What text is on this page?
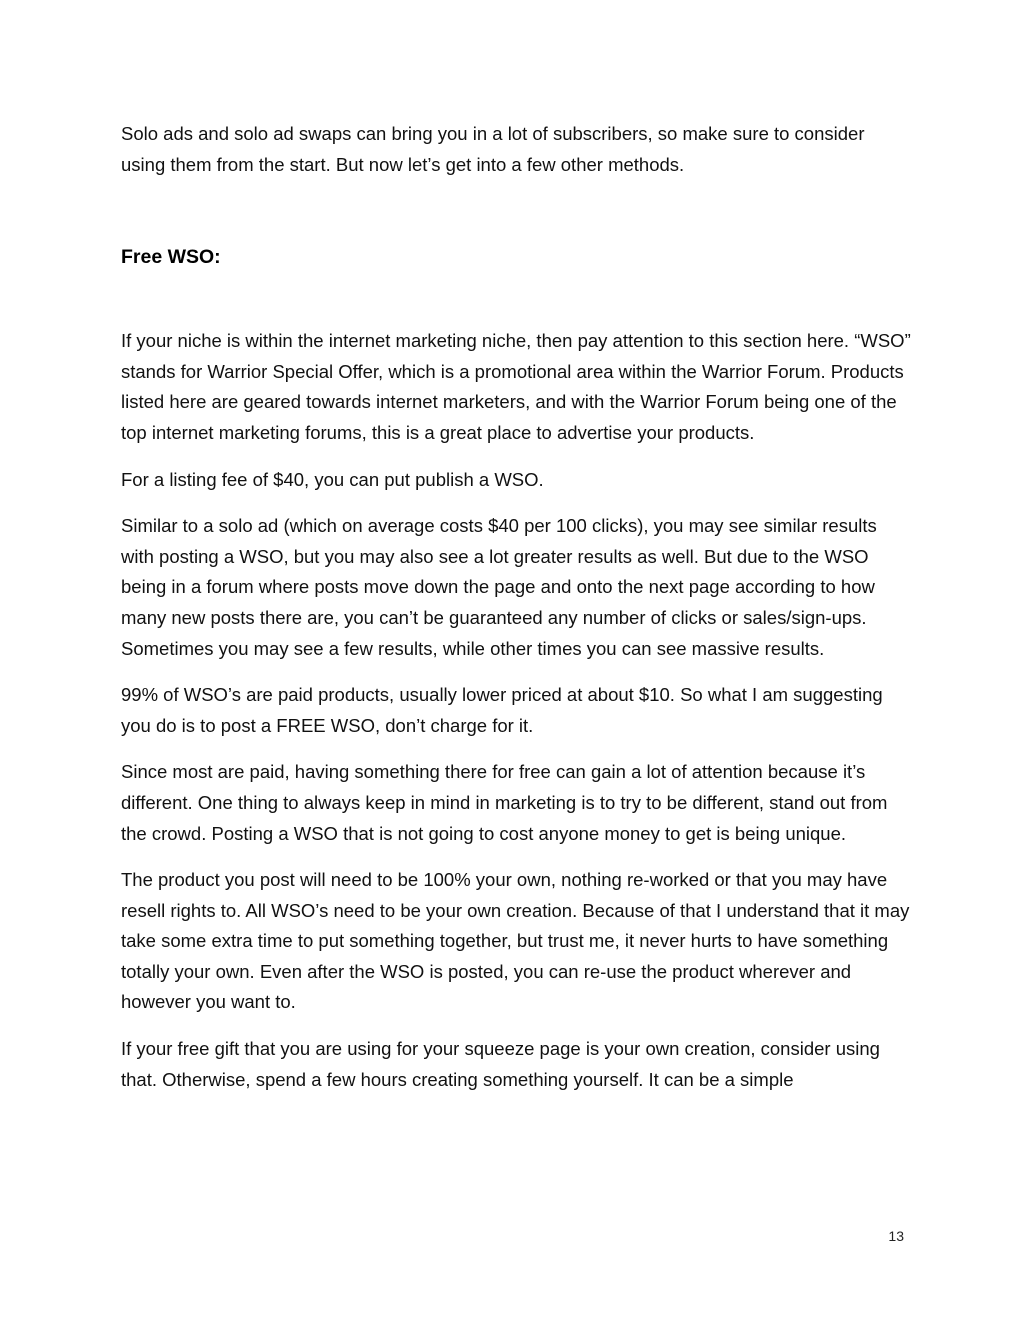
Solo ads and solo ad swaps can bring you in a lot of subscribers, so make sure to consider using them from the start. But now let’s get into a few other methods.

Free WSO:

If your niche is within the internet marketing niche, then pay attention to this section here. “WSO” stands for Warrior Special Offer, which is a promotional area within the Warrior Forum. Products listed here are geared towards internet marketers, and with the Warrior Forum being one of the top internet marketing forums, this is a great place to advertise your products.

For a listing fee of $40, you can put publish a WSO.

Similar to a solo ad (which on average costs $40 per 100 clicks), you may see similar results with posting a WSO, but you may also see a lot greater results as well. But due to the WSO being in a forum where posts move down the page and onto the next page according to how many new posts there are, you can’t be guaranteed any number of clicks or sales/sign-ups. Sometimes you may see a few results, while other times you can see massive results.

99% of WSO’s are paid products, usually lower priced at about $10. So what I am suggesting you do is to post a FREE WSO, don’t charge for it.

Since most are paid, having something there for free can gain a lot of attention because it’s different. One thing to always keep in mind in marketing is to try to be different, stand out from the crowd. Posting a WSO that is not going to cost anyone money to get is being unique.

The product you post will need to be 100% your own, nothing re-worked or that you may have resell rights to. All WSO’s need to be your own creation. Because of that I understand that it may take some extra time to put something together, but trust me, it never hurts to have something totally your own. Even after the WSO is posted, you can re-use the product wherever and however you want to.

If your free gift that you are using for your squeeze page is your own creation, consider using that. Otherwise, spend a few hours creating something yourself. It can be a simple

13
